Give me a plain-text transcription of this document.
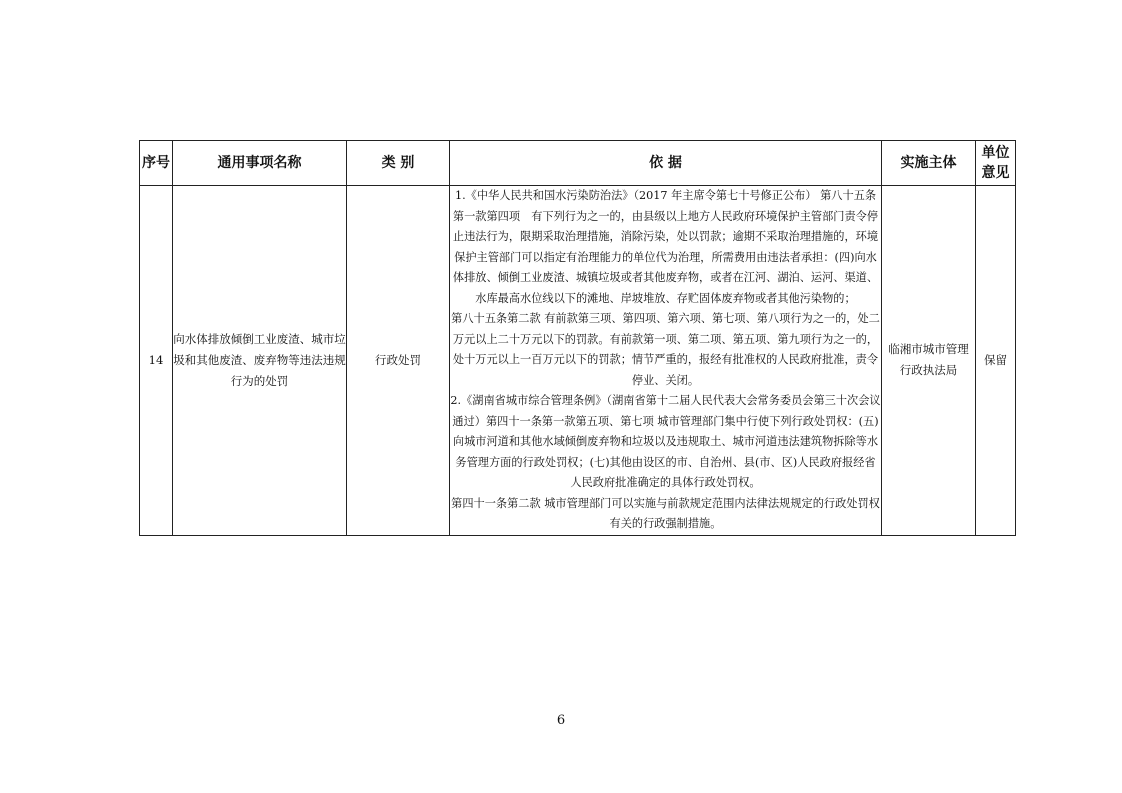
序号	通用事项名称	类 别	依 据	实施主体	单位意见
14	向水体排放倾倒工业废渣、城市垃圾和其他废渣、废弃物等违法违规行为的处罚	行政处罚	1.《中华人民共和国水污染防治法》（2017 年主席令第七十号修正公布） 第八十五条第一款第四项　有下列行为之一的，由县级以上地方人民政府环境保护主管部门责令停止违法行为，限期采取治理措施，消除污染，处以罚款；逾期不采取治理措施的，环境保护主管部门可以指定有治理能力的单位代为治理，所需费用由违法者承担：(四)向水体排放、倾倒工业废渣、城镇垃圾或者其他废弃物，或者在江河、湖泊、运河、渠道、水库最高水位线以下的滩地、岸坡堆放、存贮固体废弃物或者其他污染物的；

第八十五条第二款 有前款第三项、第四项、第六项、第七项、第八项行为之一的，处二万元以上二十万元以下的罚款。有前款第一项、第二项、第五项、第九项行为之一的，处十万元以上一百万元以下的罚款；情节严重的，报经有批准权的人民政府批准，责令停业、关闭。

2.《湖南省城市综合管理条例》（湖南省第十二届人民代表大会常务委员会第三十次会议通过）第四十一条第一款第五项、第七项 城市管理部门集中行使下列行政处罚权：(五)向城市河道和其他水域倾倒废弃物和垃圾以及违规取土、城市河道违法建筑物拆除等水务管理方面的行政处罚权；(七)其他由设区的市、自治州、县(市、区)人民政府报经省人民政府批准确定的具体行政处罚权。

第四十一条第二款 城市管理部门可以实施与前款规定范围内法律法规规定的行政处罚权有关的行政强制措施。	临湘市城市管理行政执法局	保留
6
